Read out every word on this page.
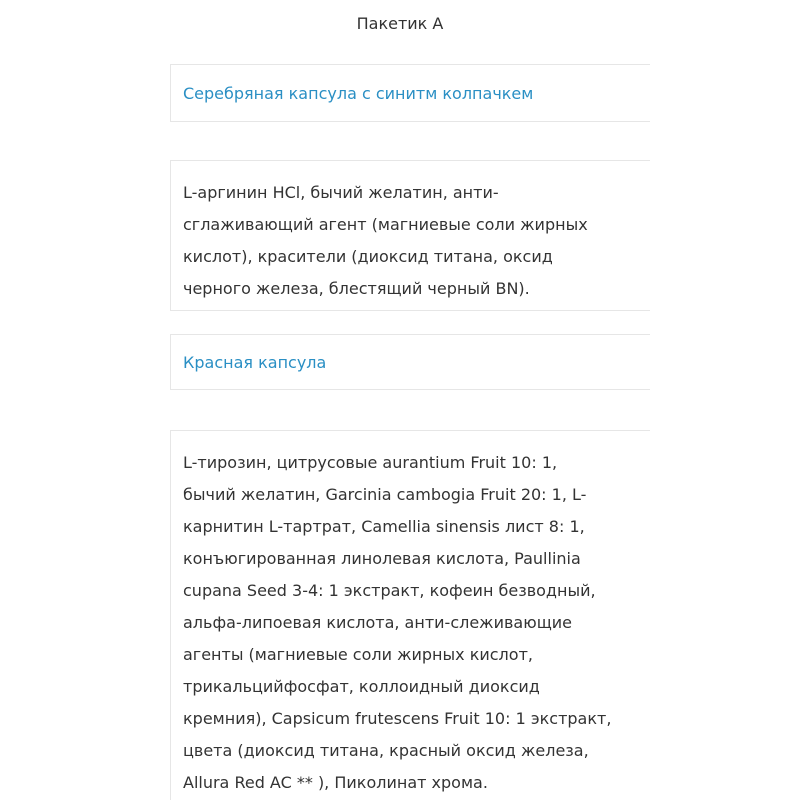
Пакетик А
Серебряная капсула с синитм колпачкем
L-аргинин HCl, бычий желатин, анти-
сглаживающий агент (магниевые соли жирных
кислот), красители (диоксид титана, оксид
черного железа, блестящий черный BN).
Красная капсула
L-тирозин, цитрусовые aurantium Fruit 10: 1,
бычий желатин, Garcinia cambogia Fruit 20: 1, L-
карнитин L-тартрат, Camellia sinensis лист 8: 1,
конъюгированная линолевая кислота, Paullinia
cupana Seed 3-4: 1 экстракт, кофеин безводный,
альфа-липоевая кислота, анти-слеживающие
агенты (магниевые соли жирных кислот,
трикальцийфосфат, коллоидный диоксид
кремния), Capsicum frutescens Fruit 10: 1 экстракт,
цвета (диоксид титана, красный оксид железа,
Allura Red AC ** ), Пиколинат хрома.
